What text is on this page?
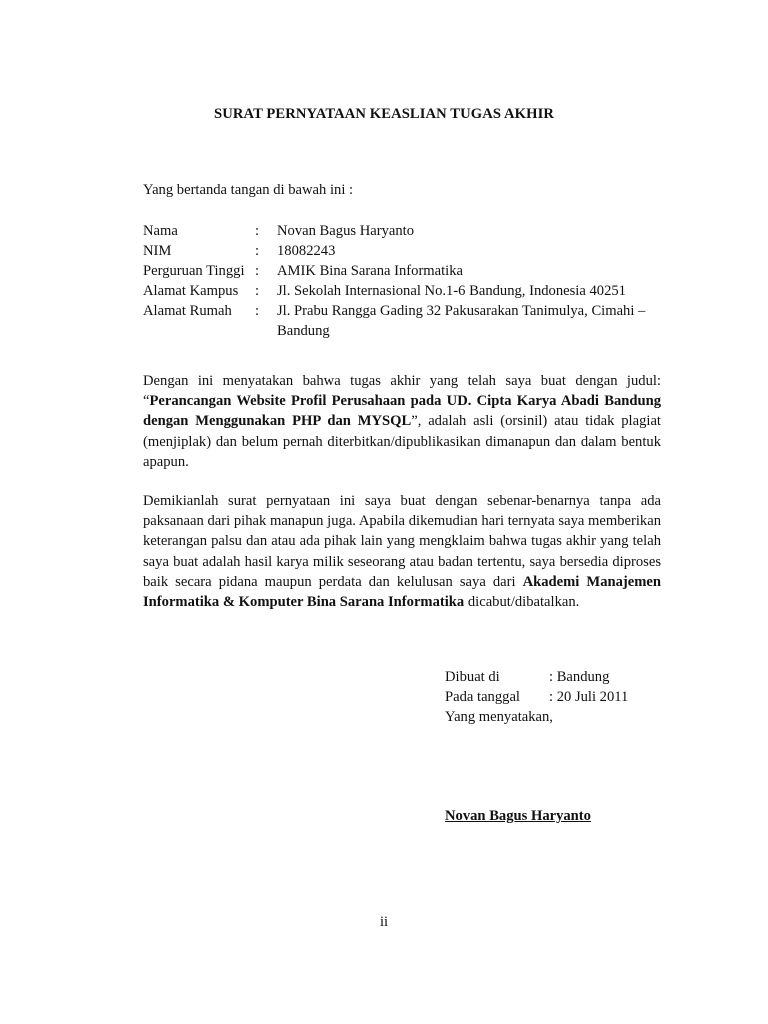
SURAT PERNYATAAN KEASLIAN TUGAS AKHIR
Yang bertanda tangan di bawah ini :
Nama	:	Novan Bagus Haryanto
NIM	:	18082243
Perguruan Tinggi :	AMIK Bina Sarana Informatika
Alamat Kampus	:	Jl. Sekolah Internasional No.1-6 Bandung, Indonesia 40251
Alamat Rumah	:	Jl. Prabu Rangga Gading 32 Pakusarakan Tanimulya, Cimahi – Bandung
Dengan ini menyatakan bahwa tugas akhir yang telah saya buat dengan judul: “Perancangan Website Profil Perusahaan pada UD. Cipta Karya Abadi Bandung dengan Menggunakan PHP dan MYSQL”, adalah asli (orsinil) atau tidak plagiat (menjiplak) dan belum pernah diterbitkan/dipublikasikan dimanapun dan dalam bentuk apapun.
Demikianlah surat pernyataan ini saya buat dengan sebenar-benarnya tanpa ada paksanaan dari pihak manapun juga. Apabila dikemudian hari ternyata saya memberikan keterangan palsu dan atau ada pihak lain yang mengklaim bahwa tugas akhir yang telah saya buat adalah hasil karya milik seseorang atau badan tertentu, saya bersedia diproses baik secara pidana maupun perdata dan kelulusan saya dari Akademi Manajemen Informatika & Komputer Bina Sarana Informatika dicabut/dibatalkan.
Dibuat di	: Bandung
Pada tanggal	: 20 Juli 2011
Yang menyatakan,
Novan Bagus Haryanto
ii
